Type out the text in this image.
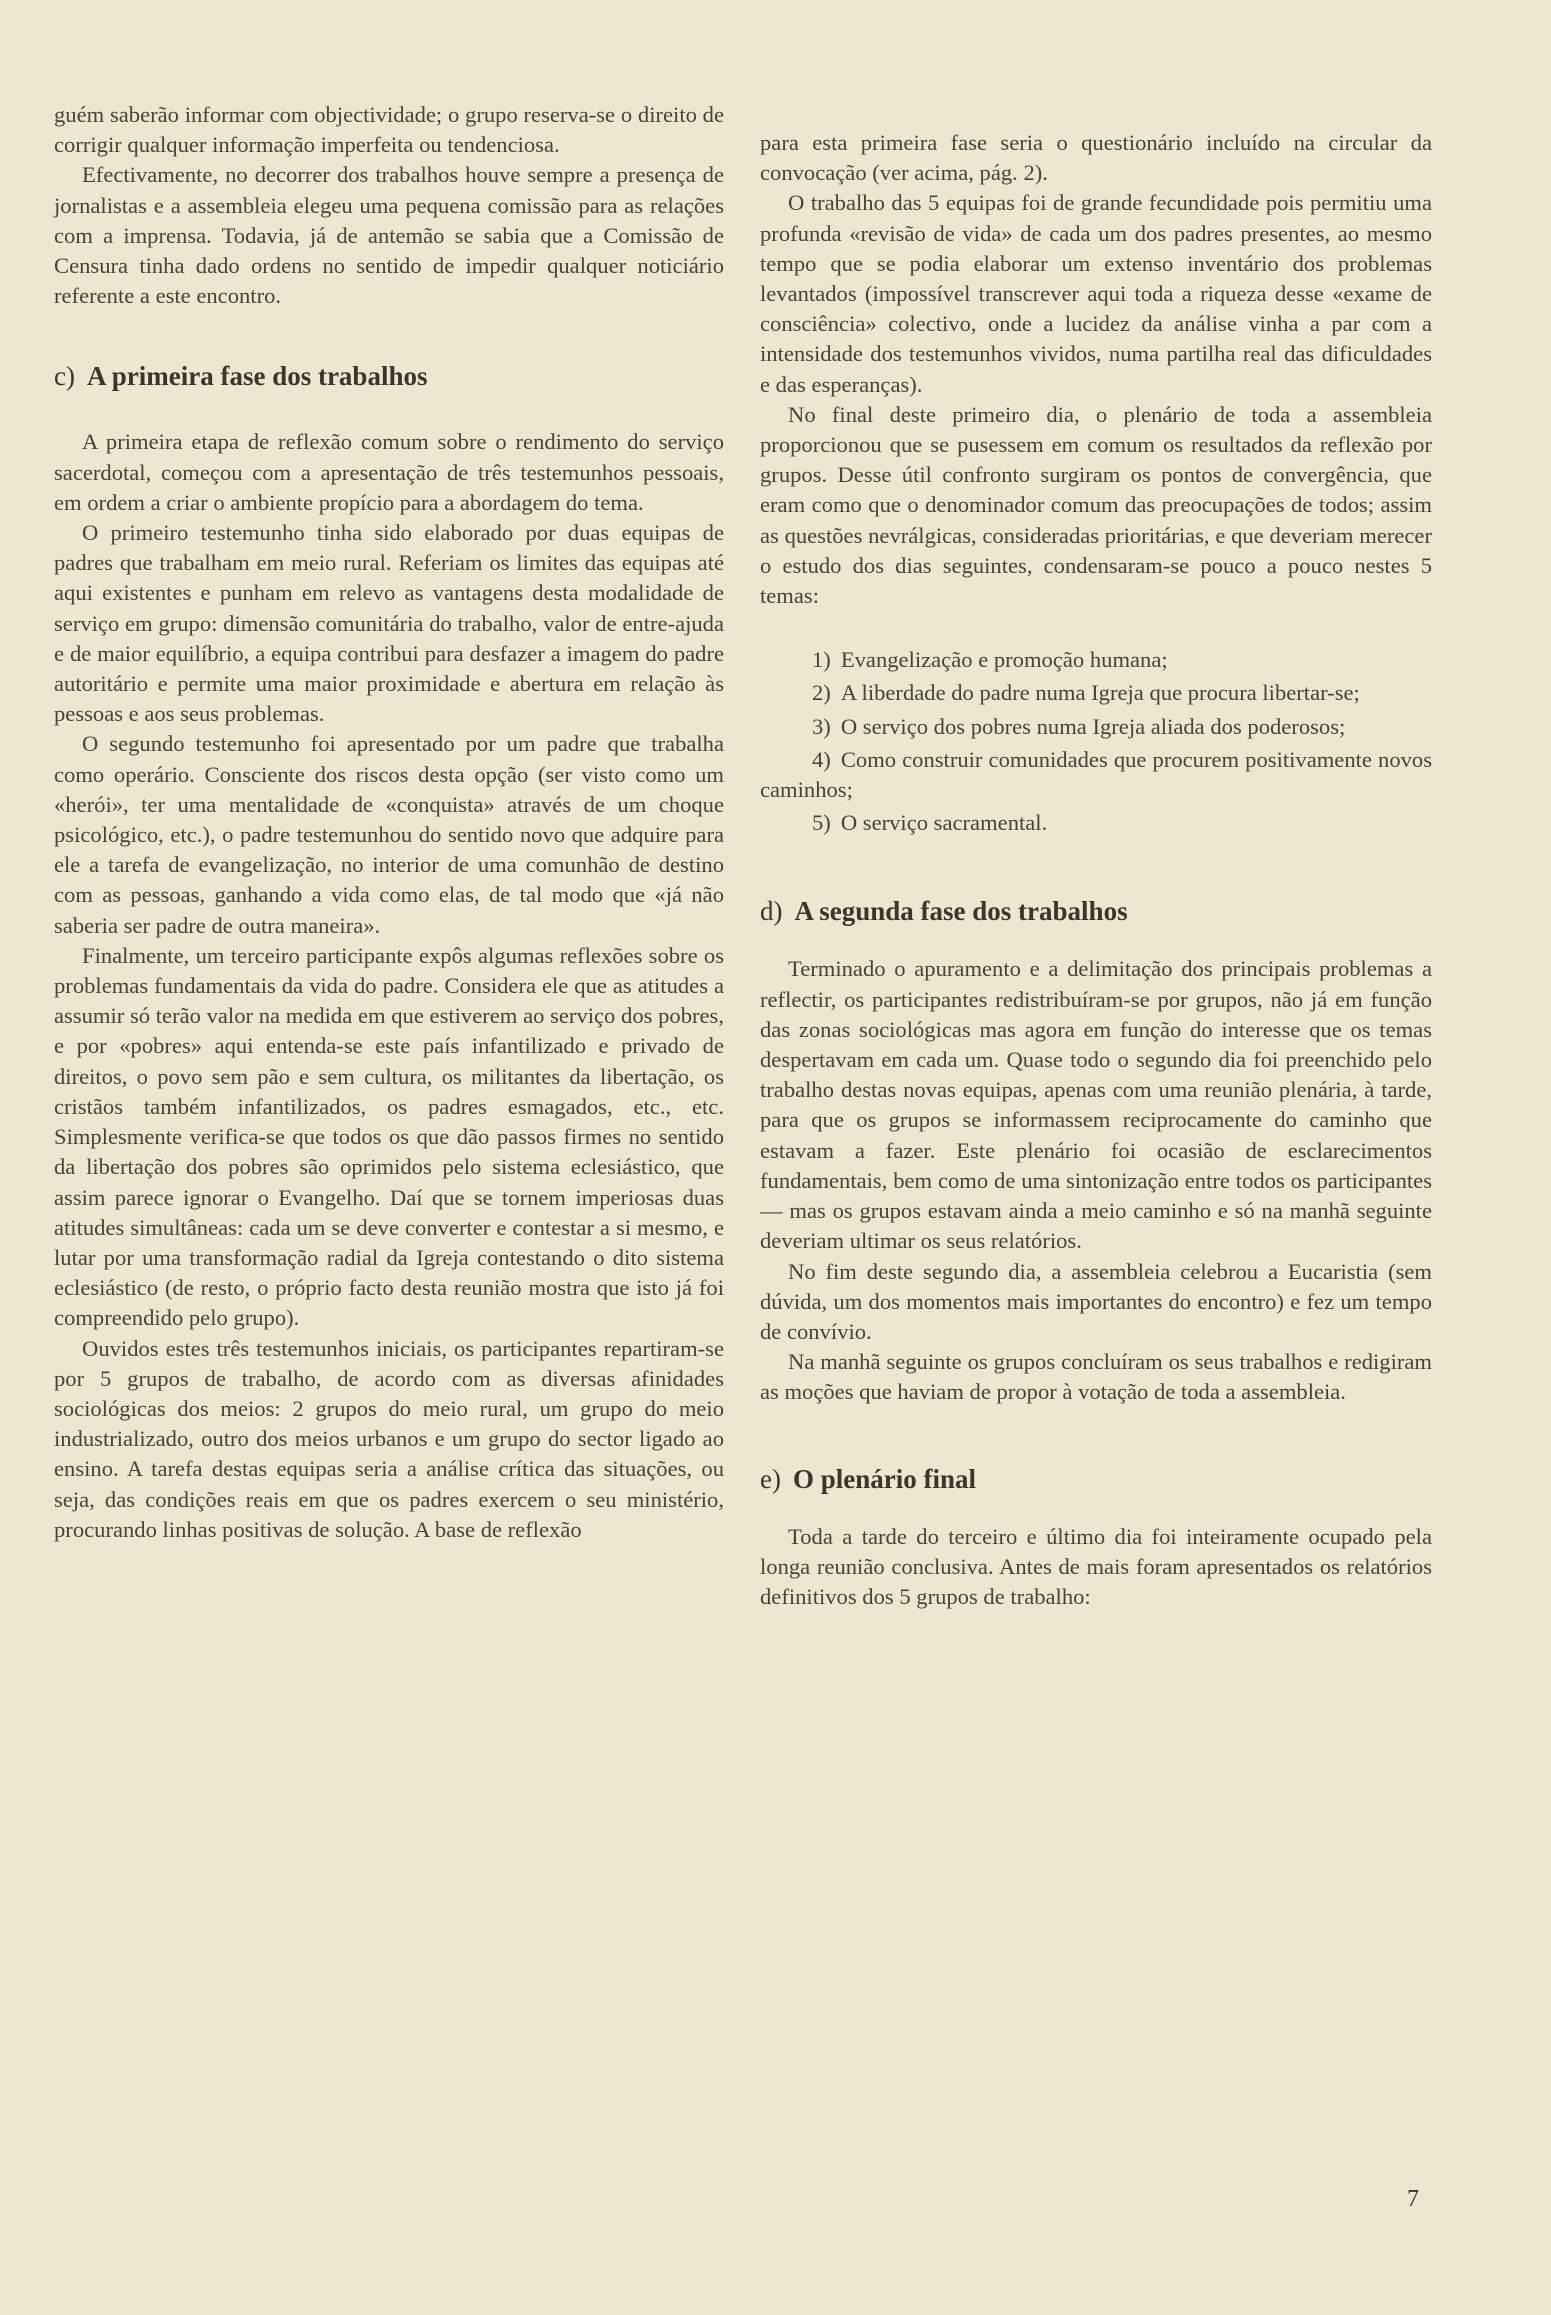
guém saberão informar com objectividade; o grupo reserva-se o direito de corrigir qualquer informação imperfeita ou tendenciosa.

Efectivamente, no decorrer dos trabalhos houve sempre a presença de jornalistas e a assembleia elegeu uma pequena comissão para as relações com a imprensa. Todavia, já de antemão se sabia que a Comissão de Censura tinha dado ordens no sentido de impedir qualquer noticiário referente a este encontro.

c) A primeira fase dos trabalhos

A primeira etapa de reflexão comum sobre o rendimento do serviço sacerdotal, começou com a apresentação de três testemunhos pessoais, em ordem a criar o ambiente propício para a abordagem do tema.

O primeiro testemunho tinha sido elaborado por duas equipas de padres que trabalham em meio rural. Referiam os limites das equipas até aqui existentes e punham em relevo as vantagens desta modalidade de serviço em grupo: dimensão comunitária do trabalho, valor de entre-ajuda e de maior equilíbrio, a equipa contribui para desfazer a imagem do padre autoritário e permite uma maior proximidade e abertura em relação às pessoas e aos seus problemas.

O segundo testemunho foi apresentado por um padre que trabalha como operário. Consciente dos riscos desta opção (ser visto como um «herói», ter uma mentalidade de «conquista» através de um choque psicológico, etc.), o padre testemunhou do sentido novo que adquire para ele a tarefa de evangelização, no interior de uma comunhão de destino com as pessoas, ganhando a vida como elas, de tal modo que «já não saberia ser padre de outra maneira».

Finalmente, um terceiro participante expôs algumas reflexões sobre os problemas fundamentais da vida do padre. Considera ele que as atitudes a assumir só terão valor na medida em que estiverem ao serviço dos pobres, e por «pobres» aqui entenda-se este país infantilizado e privado de direitos, o povo sem pão e sem cultura, os militantes da libertação, os cristãos também infantilizados, os padres esmagados, etc., etc. Simplesmente verifica-se que todos os que dão passos firmes no sentido da libertação dos pobres são oprimidos pelo sistema eclesiástico, que assim parece ignorar o Evangelho. Daí que se tornem imperiosas duas atitudes simultâneas: cada um se deve converter e contestar a si mesmo, e lutar por uma transformação radial da Igreja contestando o dito sistema eclesiástico (de resto, o próprio facto desta reunião mostra que isto já foi compreendido pelo grupo).

Ouvidos estes três testemunhos iniciais, os participantes repartiram-se por 5 grupos de trabalho, de acordo com as diversas afinidades sociológicas dos meios: 2 grupos do meio rural, um grupo do meio industrializado, outro dos meios urbanos e um grupo do sector ligado ao ensino. A tarefa destas equipas seria a análise crítica das situações, ou seja, das condições reais em que os padres exercem o seu ministério, procurando linhas positivas de solução. A base de reflexão

para esta primeira fase seria o questionário incluído na circular da convocação (ver acima, pág. 2).

O trabalho das 5 equipas foi de grande fecundidade pois permitiu uma profunda «revisão de vida» de cada um dos padres presentes, ao mesmo tempo que se podia elaborar um extenso inventário dos problemas levantados (impossível transcrever aqui toda a riqueza desse «exame de consciência» colectivo, onde a lucidez da análise vinha a par com a intensidade dos testemunhos vividos, numa partilha real das dificuldades e das esperanças).

No final deste primeiro dia, o plenário de toda a assembleia proporcionou que se pusessem em comum os resultados da reflexão por grupos. Desse útil confronto surgiram os pontos de convergência, que eram como que o denominador comum das preocupações de todos; assim as questões nevrálgicas, consideradas prioritárias, e que deveriam merecer o estudo dos dias seguintes, condensaram-se pouco a pouco nestes 5 temas:

1) Evangelização e promoção humana;
2) A liberdade do padre numa Igreja que procura libertar-se;
3) O serviço dos pobres numa Igreja aliada dos poderosos;
4) Como construir comunidades que procurem positivamente novos caminhos;
5) O serviço sacramental.
d) A segunda fase dos trabalhos

Terminado o apuramento e a delimitação dos principais problemas a reflectir, os participantes redistribuíram-se por grupos, não já em função das zonas sociológicas mas agora em função do interesse que os temas despertavam em cada um. Quase todo o segundo dia foi preenchido pelo trabalho destas novas equipas, apenas com uma reunião plenária, à tarde, para que os grupos se informassem reciprocamente do caminho que estavam a fazer. Este plenário foi ocasião de esclarecimentos fundamentais, bem como de uma sintonização entre todos os participantes — mas os grupos estavam ainda a meio caminho e só na manhã seguinte deveriam ultimar os seus relatórios.

No fim deste segundo dia, a assembleia celebrou a Eucaristia (sem dúvida, um dos momentos mais importantes do encontro) e fez um tempo de convívio.

Na manhã seguinte os grupos concluíram os seus trabalhos e redigiram as moções que haviam de propor à votação de toda a assembleia.

e) O plenário final

Toda a tarde do terceiro e último dia foi inteiramente ocupado pela longa reunião conclusiva. Antes de mais foram apresentados os relatórios definitivos dos 5 grupos de trabalho:

7
